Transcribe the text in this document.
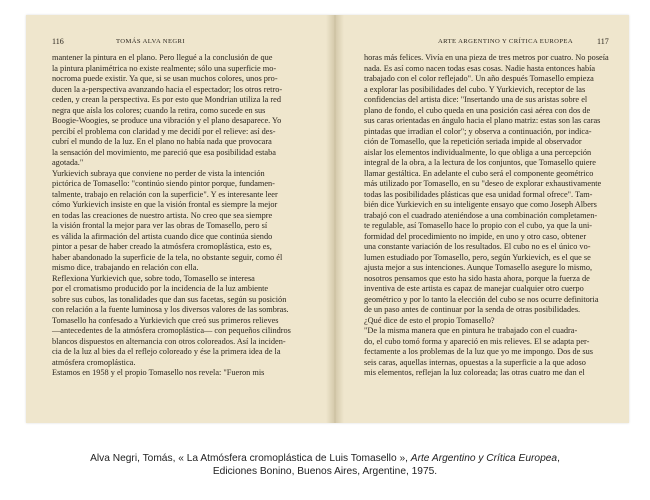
116	TOMÁS ALVA NEGRI
mantener la pintura en el plano. Pero llegué a la conclusión de que
la pintura planimétrica no existe realmente; sólo una superficie mo-
nocroma puede existir. Ya que, si se usan muchos colores, unos pro-
ducen la a-perspectiva avanzando hacia el espectador; los otros retro-
ceden, y crean la perspectiva. Es por esto que Mondrian utiliza la red
negra que aísla los colores; cuando la retira, como sucede en sus
Boogie-Woogies, se produce una vibración y el plano desaparece. Yo
percibí el problema con claridad y me decidí por el relieve: así des-
cubrí el mundo de la luz. En el plano no había nada que provocara
la sensación del movimiento, me pareció que esa posibilidad estaba
agotada."
Yurkievich subraya que conviene no perder de vista la intención
pictórica de Tomasello: "continúo siendo pintor porque, fundamen-
talmente, trabajo en relación con la superficie". Y es interesante leer
cómo Yurkievich insiste en que la visión frontal es siempre la mejor
en todas las creaciones de nuestro artista. No creo que sea siempre
la visión frontal la mejor para ver las obras de Tomasello, pero sí
es válida la afirmación del artista cuando dice que continúa siendo
pintor a pesar de haber creado la atmósfera cromoplástica, esto es,
haber abandonado la superficie de la tela, no obstante seguir, como él
mismo dice, trabajando en relación con ella.
Reflexiona Yurkievich que, sobre todo, Tomasello se interesa
por el cromatismo producido por la incidencia de la luz ambiente
sobre sus cubos, las tonalidades que dan sus facetas, según su posición
con relación a la fuente luminosa y los diversos valores de las sombras.
Tomasello ha confesado a Yurkievich que creó sus primeros relieves
—antecedentes de la atmósfera cromoplástica— con pequeños cilindros
blancos dispuestos en alternancia con otros coloreados. Así la inciden-
cia de la luz al bies da el reflejo coloreado y ése la primera idea de la
atmósfera cromoplástica.
Estamos en 1958 y el propio Tomasello nos revela: "Fueron mis
ARTE ARGENTINO Y CRÍTICA EUROPEA	117
horas más felices. Vivía en una pieza de tres metros por cuatro. No poseía
nada. Es así como nacen todas esas cosas. Nadie hasta entonces había
trabajado con el color reflejado". Un año después Tomasello empieza
a explorar las posibilidades del cubo. Y Yurkievich, receptor de las
confidencias del artista dice: "Insertando una de sus aristas sobre el
plano de fondo, el cubo queda en una posición casi aérea con dos de
sus caras orientadas en ángulo hacia el plano matriz: estas son las caras
pintadas que irradian el color"; y observa a continuación, por indica-
ción de Tomasello, que la repetición seriada impide al observador
aislar los elementos individualmente, lo que obliga a una percepción
integral de la obra, a la lectura de los conjuntos, que Tomasello quiere
llamar gestáltica. En adelante el cubo será el componente geométrico
más utilizado por Tomasello, en su "deseo de explorar exhaustivamente
todas las posibilidades plásticas que esa unidad formal ofrece". Tam-
bién dice Yurkievich en su inteligente ensayo que como Joseph Albers
trabajó con el cuadrado ateniéndose a una combinación completamen-
te regulable, así Tomasello hace lo propio con el cubo, ya que la uni-
formidad del procedimiento no impide, en uno y otro caso, obtener
una constante variación de los resultados. El cubo no es el único vo-
lumen estudiado por Tomasello, pero, según Yurkievich, es el que se
ajusta mejor a sus intenciones. Aunque Tomasello asegure lo mismo,
nosotros pensamos que esto ha sido hasta ahora, porque la fuerza de
inventiva de este artista es capaz de manejar cualquier otro cuerpo
geométrico y por lo tanto la elección del cubo se nos ocurre definitoria
de un paso antes de continuar por la senda de otras posibilidades.
¿Qué dice de esto el propio Tomasello?
"De la misma manera que en pintura he trabajado con el cuadra-
do, el cubo tomó forma y apareció en mis relieves. El se adapta per-
fectamente a los problemas de la luz que yo me impongo. Dos de sus
seis caras, aquellas internas, opuestas a la superficie a la que adoso
mis elementos, reflejan la luz coloreada; las otras cuatro me dan el
Alva Negri, Tomás, « La Atmósfera cromoplástica de Luis Tomasello », Arte Argentino y Crítica Europea,
Ediciones Bonino, Buenos Aires, Argentine, 1975.
